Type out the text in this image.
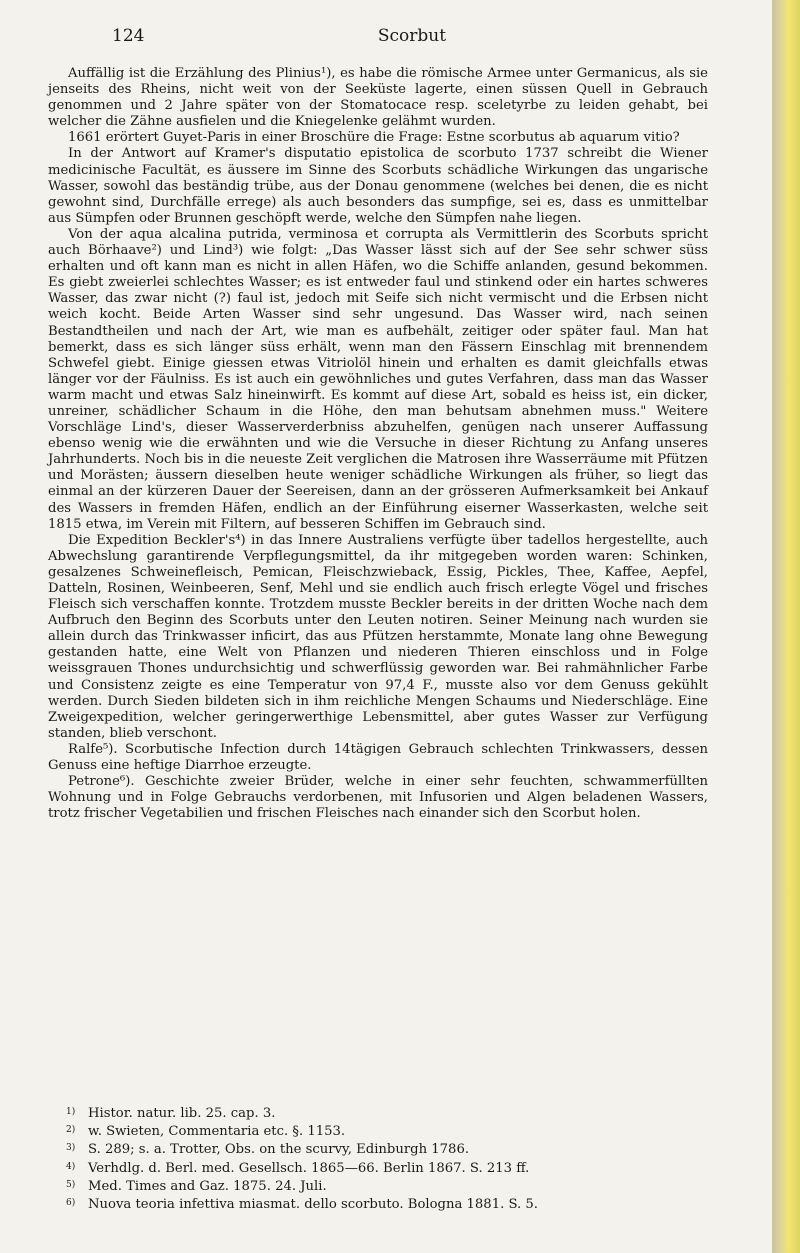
124	Scorbut

Auffällig ist die Erzählung des Plinius¹), es habe die römische Armee unter Germanicus, als sie jenseits des Rheins, nicht weit von der Seeküste lagerte, einen süssen Quell in Gebrauch genommen und 2 Jahre später von der Stomatocace resp. sceletyrbe zu leiden gehabt, bei welcher die Zähne ausfielen und die Kniegelenke gelähmt wurden.

1661 erörtert Guyet-Paris in einer Broschüre die Frage: Estne scorbutus ab aquarum vitio?

In der Antwort auf Kramer's disputatio epistolica de scorbuto 1737 schreibt die Wiener medicinische Facultät, es äussere im Sinne des Scorbuts schädliche Wirkungen das ungarische Wasser, sowohl das beständig trübe, aus der Donau genommene (welches bei denen, die es nicht gewohnt sind, Durchfälle errege) als auch besonders das sumpfige, sei es, dass es unmittelbar aus Sümpfen oder Brunnen geschöpft werde, welche den Sümpfen nahe liegen.

Von der aqua alcalina putrida, verminosa et corrupta als Vermittlerin des Scorbuts spricht auch Börhaave²) und Lind³) wie folgt: „Das Wasser lässt sich auf der See sehr schwer süss erhalten und oft kann man es nicht in allen Häfen, wo die Schiffe anlanden, gesund bekommen. Es giebt zweierlei schlechtes Wasser; es ist entweder faul und stinkend oder ein hartes schweres Wasser, das zwar nicht (?) faul ist, jedoch mit Seife sich nicht vermischt und die Erbsen nicht weich kocht. Beide Arten Wasser sind sehr ungesund. Das Wasser wird, nach seinen Bestandtheilen und nach der Art, wie man es aufbehält, zeitiger oder später faul. Man hat bemerkt, dass es sich länger süss erhält, wenn man den Fässern Einschlag mit brennendem Schwefel giebt. Einige giessen etwas Vitriolöl hinein und erhalten es damit gleichfalls etwas länger vor der Fäulniss. Es ist auch ein gewöhnliches und gutes Verfahren, dass man das Wasser warm macht und etwas Salz hineinwirft. Es kommt auf diese Art, sobald es heiss ist, ein dicker, unreiner, schädlicher Schaum in die Höhe, den man behutsam abnehmen muss." Weitere Vorschläge Lind's, dieser Wasserverderbniss abzuhelfen, genügen nach unserer Auffassung ebenso wenig wie die erwähnten und wie die Versuche in dieser Richtung zu Anfang unseres Jahrhunderts. Noch bis in die neueste Zeit verglichen die Matrosen ihre Wasserräume mit Pfützen und Morästen; äussern dieselben heute weniger schädliche Wirkungen als früher, so liegt das einmal an der kürzeren Dauer der Seereisen, dann an der grösseren Aufmerksamkeit bei Ankauf des Wassers in fremden Häfen, endlich an der Einführung eiserner Wasserkasten, welche seit 1815 etwa, im Verein mit Filtern, auf besseren Schiffen im Gebrauch sind.

Die Expedition Beckler's⁴) in das Innere Australiens verfügte über tadellos hergestellte, auch Abwechslung garantirende Verpflegungsmittel, da ihr mitgegeben worden waren: Schinken, gesalzenes Schweinefleisch, Pemican, Fleischzwieback, Essig, Pickles, Thee, Kaffee, Aepfel, Datteln, Rosinen, Weinbeeren, Senf, Mehl und sie endlich auch frisch erlegte Vögel und frisches Fleisch sich verschaffen konnte. Trotzdem musste Beckler bereits in der dritten Woche nach dem Aufbruch den Beginn des Scorbuts unter den Leuten notiren. Seiner Meinung nach wurden sie allein durch das Trinkwasser inficirt, das aus Pfützen herstammte, Monate lang ohne Bewegung gestanden hatte, eine Welt von Pflanzen und niederen Thieren einschloss und in Folge weissgrauen Thones undurchsichtig und schwerflüssig geworden war. Bei rahmähnlicher Farbe und Consistenz zeigte es eine Temperatur von 97,4 F., musste also vor dem Genuss gekühlt werden. Durch Sieden bildeten sich in ihm reichliche Mengen Schaums und Niederschläge. Eine Zweigexpedition, welcher geringerwerthige Lebensmittel, aber gutes Wasser zur Verfügung standen, blieb verschont.

Ralfe⁵). Scorbutische Infection durch 14tägigen Gebrauch schlechten Trinkwassers, dessen Genuss eine heftige Diarrhoe erzeugte.

Petrone⁶). Geschichte zweier Brüder, welche in einer sehr feuchten, schwammerfüllten Wohnung und in Folge Gebrauchs verdorbenen, mit Infusorien und Algen beladenen Wassers, trotz frischer Vegetabilien und frischen Fleisches nach einander sich den Scorbut holen.

1) Histor. natur. lib. 25. cap. 3.
2) w. Swieten, Commentaria etc. §. 1153.
3) S. 289; s. a. Trotter, Obs. on the scurvy, Edinburgh 1786.
4) Verhdlg. d. Berl. med. Gesellsch. 1865—66. Berlin 1867. S. 213 ff.
5) Med. Times and Gaz. 1875. 24. Juli.
6) Nuova teoria infettiva miasmat. dello scorbuto. Bologna 1881. S. 5.
